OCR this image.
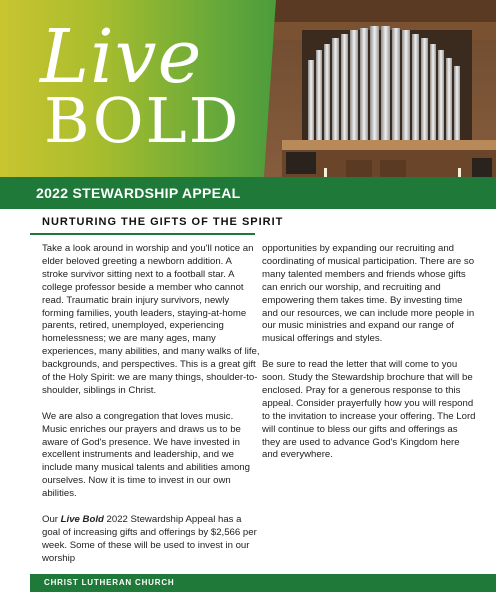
Live
BOLD
2022 STEWARDSHIP APPEAL
NURTURING THE GIFTS OF THE SPIRIT

Take a look around in worship and you'll notice an elder beloved greeting a newborn addition. A stroke survivor sitting next to a football star. A college professor beside a member who cannot read. Traumatic brain injury survivors, newly forming families, youth leaders, staying-at-home parents, retired, unemployed, experiencing homelessness; we are many ages, many experiences, many abilities, and many walks of life, backgrounds, and perspectives. This is a great gift of the Holy Spirit: we are many things, shoulder-to-shoulder, siblings in Christ.

We are also a congregation that loves music. Music enriches our prayers and draws us to be aware of God's presence. We have invested in excellent instruments and leadership, and we include many musical talents and abilities among ourselves. Now it is time to invest in our own abilities.

Our Live Bold 2022 Stewardship Appeal has a goal of increasing gifts and offerings by $2,566 per week. Some of these will be used to invest in our worship

opportunities by expanding our recruiting and coordinating of musical participation. There are so many talented members and friends whose gifts can enrich our worship, and recruiting and empowering them takes time. By investing time and our resources, we can include more people in our music ministries and expand our range of musical offerings and styles.

Be sure to read the letter that will come to you soon. Study the Stewardship brochure that will be enclosed. Pray for a generous response to this appeal. Consider prayerfully how you will respond to the invitation to increase your offering. The Lord will continue to bless our gifts and offerings as they are used to advance God's Kingdom here and everywhere.

CHRIST LUTHERAN CHURCH
